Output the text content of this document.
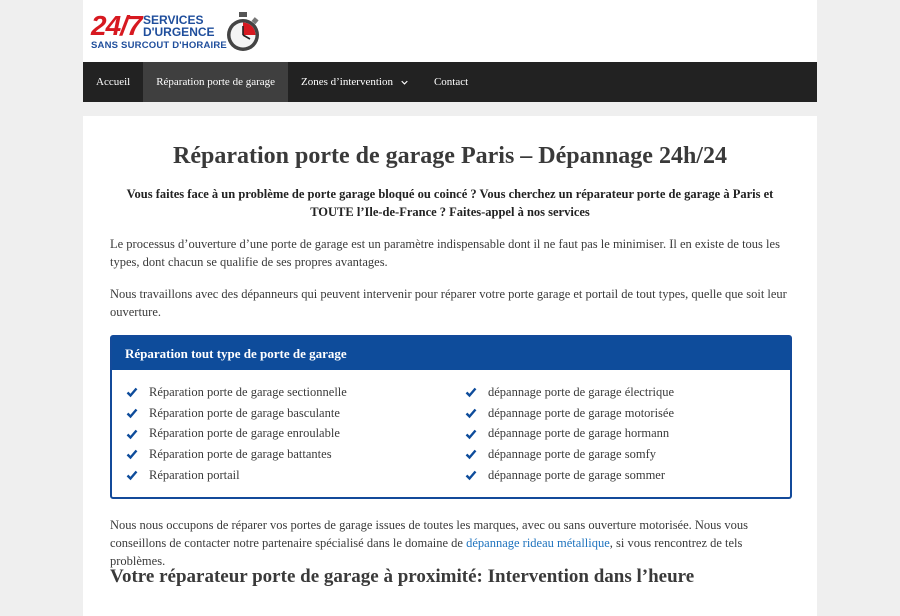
24/7 SERVICES
D'URGENCE
SANS SURCOUT D'HORAIRE
Accueil Réparation porte de garage Zones d’intervention	Contact
Réparation porte de garage Paris – Dépannage 24h/24
Vous faites face à un problème de porte garage bloqué ou coincé ? Vous cherchez un réparateur porte de garage à Paris et TOUTE l’Ile-de-France ? Faites-appel à nos services
Le processus d’ouverture d’une porte de garage est un paramètre indispensable dont il ne faut pas le minimiser. Il en existe de tous les types, dont chacun se qualifie de ses propres avantages.
Nous travaillons avec des dépanneurs qui peuvent intervenir pour réparer votre porte garage et portail de tout types, quelle que soit leur ouverture.
Réparation tout type de porte de garage
Réparation porte de garage sectionnelle
Réparation porte de garage basculante
Réparation porte de garage enroulable
Réparation porte de garage battantes
Réparation portail
dépannage porte de garage électrique
dépannage porte de garage motorisée
dépannage porte de garage hormann
dépannage porte de garage somfy
dépannage porte de garage sommer
Nous nous occupons de réparer vos portes de garage issues de toutes les marques, avec ou sans ouverture motorisée. Nous vous conseillons de contacter notre partenaire spécialisé dans le domaine de dépannage rideau métallique, si vous rencontrez de tels problèmes.
Votre réparateur porte de garage à proximité: Intervention dans l’heure
